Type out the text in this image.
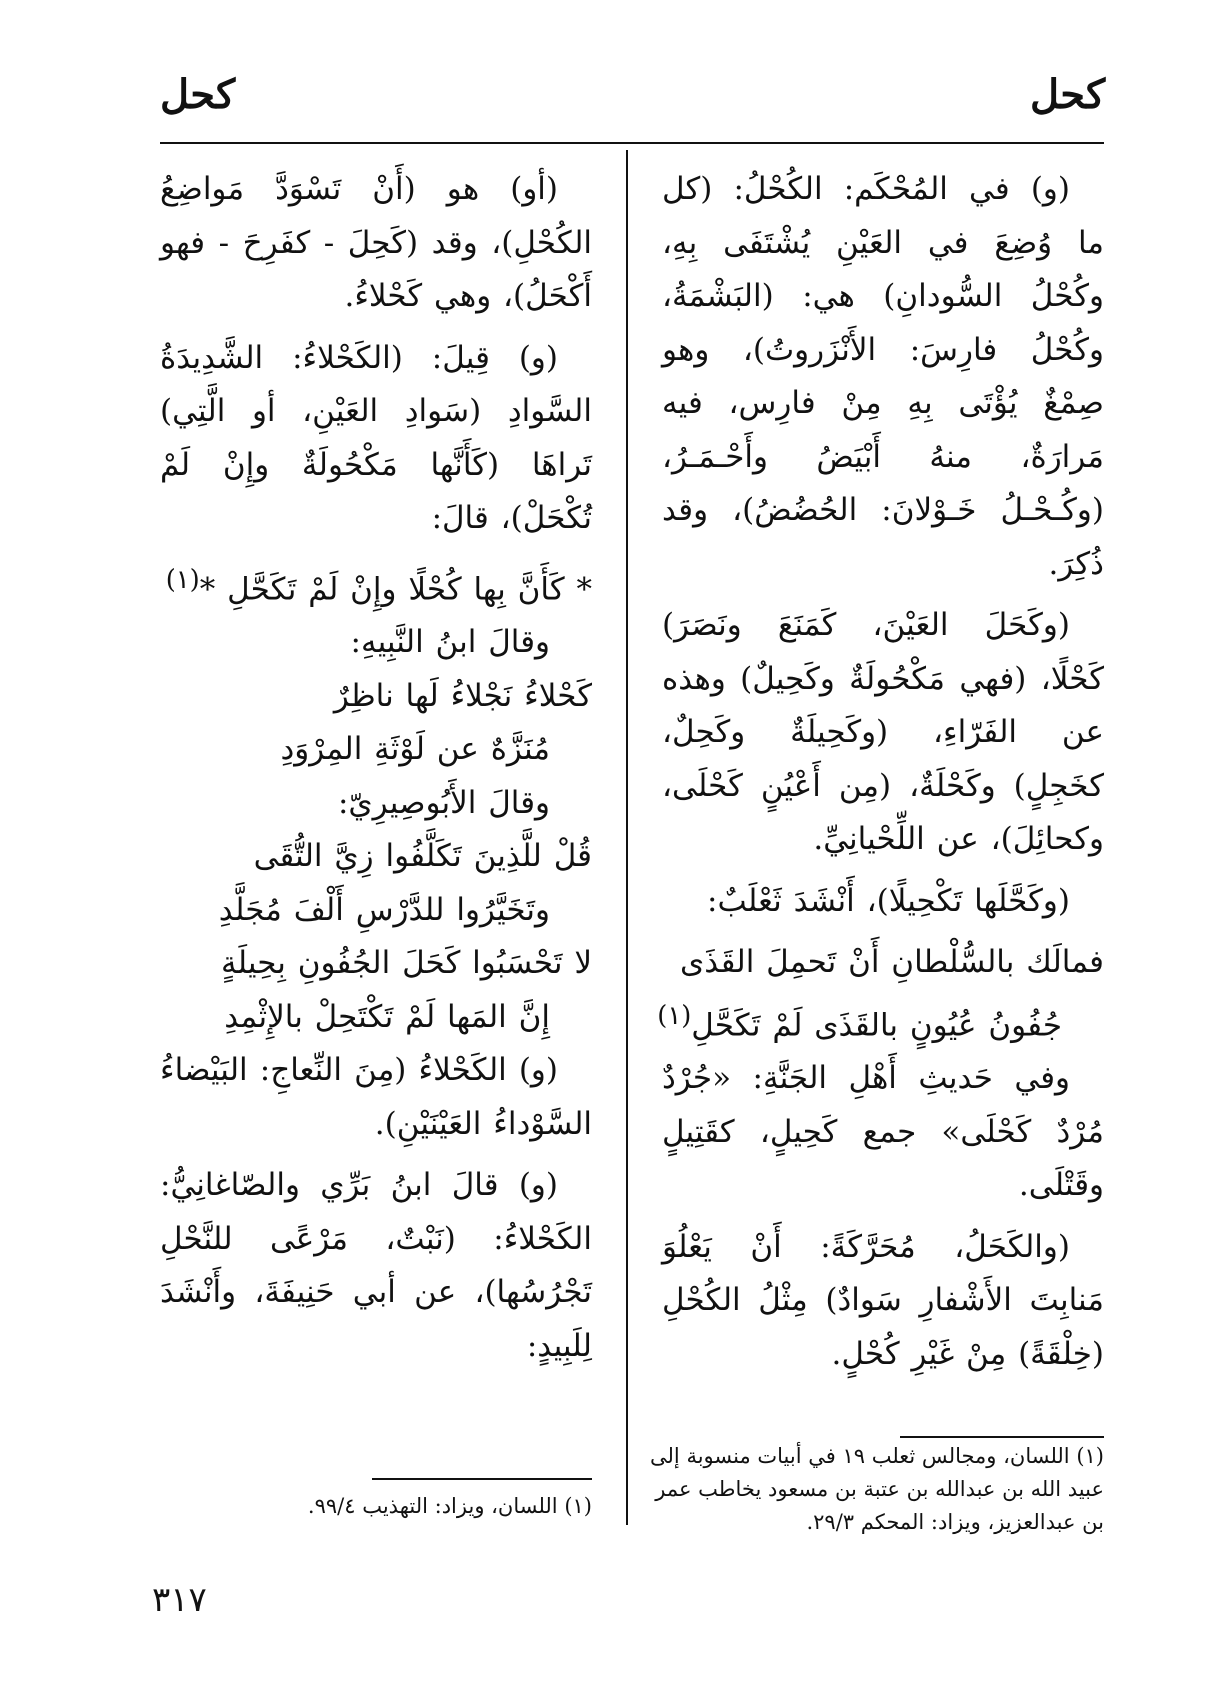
كحل
كحل

(و) في المُحْكَم: الكُحْلُ: (كل ما وُضِعَ في العَيْنِ يُشْتَفَى بِهِ، وكُحْلُ السُّودانِ) هي: (البَشْمَةُ، وكُحْلُ فارِسَ: الأَنْزَروتُ)، وهو صِمْغٌ يُؤْتَى بِهِ مِنْ فارِس، فيه مَرارَةٌ، منهُ أَبْيَضُ وأَحْـمَـرُ، (وكُـحْـلُ خَـوْلانَ: الحُضُضُ)، وقد ذُكِرَ.

(وكَحَلَ العَيْنَ، كَمَنَعَ ونَصَرَ) كَحْلًا، (فهي مَكْحُولَةٌ وكَحِيلٌ) وهذه عن الفَرّاءِ، (وكَحِيلَةٌ وكَحِلٌ، كخَجِلٍ) وكَحْلَةٌ، (مِن أَعْيُنٍ كَحْلَى، وكحائِلَ)، عن اللِّحْيانِيِّ.

(وكَحَّلَها تَكْحِيلًا)، أَنْشَدَ ثَعْلَبٌ:

فمالَك بالسُّلْطانِ أَنْ تَحمِلَ القَذَى

جُفُونُ عُيُونٍ بالقَذَى لَمْ تَكَحَّلِ$^{(١)}$

وفي حَديثِ أَهْلِ الجَنَّةِ: «جُرْدٌ مُرْدٌ كَحْلَى» جمع كَحِيلٍ، كقَتِيلٍ وقَتْلَى.

(والكَحَلُ، مُحَرَّكَةً: أَنْ يَعْلُوَ مَنابِتَ الأَشْفارِ سَوادٌ) مِثْلُ الكُحْلِ (خِلْقَةً) مِنْ غَيْرِ كُحْلٍ.

(أو) هو (أَنْ تَسْوَدَّ مَواضِعُ الكُحْلِ)، وقد (كَحِلَ - كفَرِحَ - فهو أَكْحَلُ)، وهي كَحْلاءُ.

(و) قِيلَ: (الكَحْلاءُ: الشَّدِيدَةُ السَّوادِ (سَوادِ العَيْنِ، أو الَّتِي) تَراهَا (كَأَنَّها مَكْحُولَةٌ وإِنْ لَمْ تُكْحَلْ)، قالَ:

* كَأَنَّ بِها كُحْلًا وإِنْ لَمْ تَكَحَّلِ *$^{(١)}$

وقالَ ابنُ النَّبِيهِ:

كَحْلاءُ نَجْلاءُ لَها ناظِرٌ

مُنَزَّهٌ عن لَوْثَةِ المِرْوَدِ

وقالَ الأَبُوصِيرِيّ:

قُلْ للَّذِينَ تَكَلَّفُوا زِيَّ التُّقَى

وتَخَيَّرُوا للدَّرْسِ أَلْفَ مُجَلَّدِ

لا تَحْسَبُوا كَحَلَ الجُفُونِ بِحِيلَةٍ

إِنَّ المَها لَمْ تَكْتَحِلْ بالإِثْمِدِ

(و) الكَحْلاءُ (مِنَ النِّعاجِ: البَيْضاءُ السَّوْداءُ العَيْنَيْنِ).

(و) قالَ ابنُ بَرِّي والصّاغانِيُّ: الكَحْلاءُ: (نَبْتٌ، مَرْعًى للنَّحْلِ تَجْرُسُها)، عن أبي حَنِيفَةَ، وأَنْشَدَ لِلَبِيدٍ:

(١) اللسان، ومجالس ثعلب ١٩ في أبيات منسوبة إلى عبيد الله بن عبدالله بن عتبة بن مسعود يخاطب عمر بن عبدالعزيز، ويزاد: المحكم ٢٩/٣.
(١) اللسان، ويزاد: التهذيب ٩٩/٤.
٣١٧
